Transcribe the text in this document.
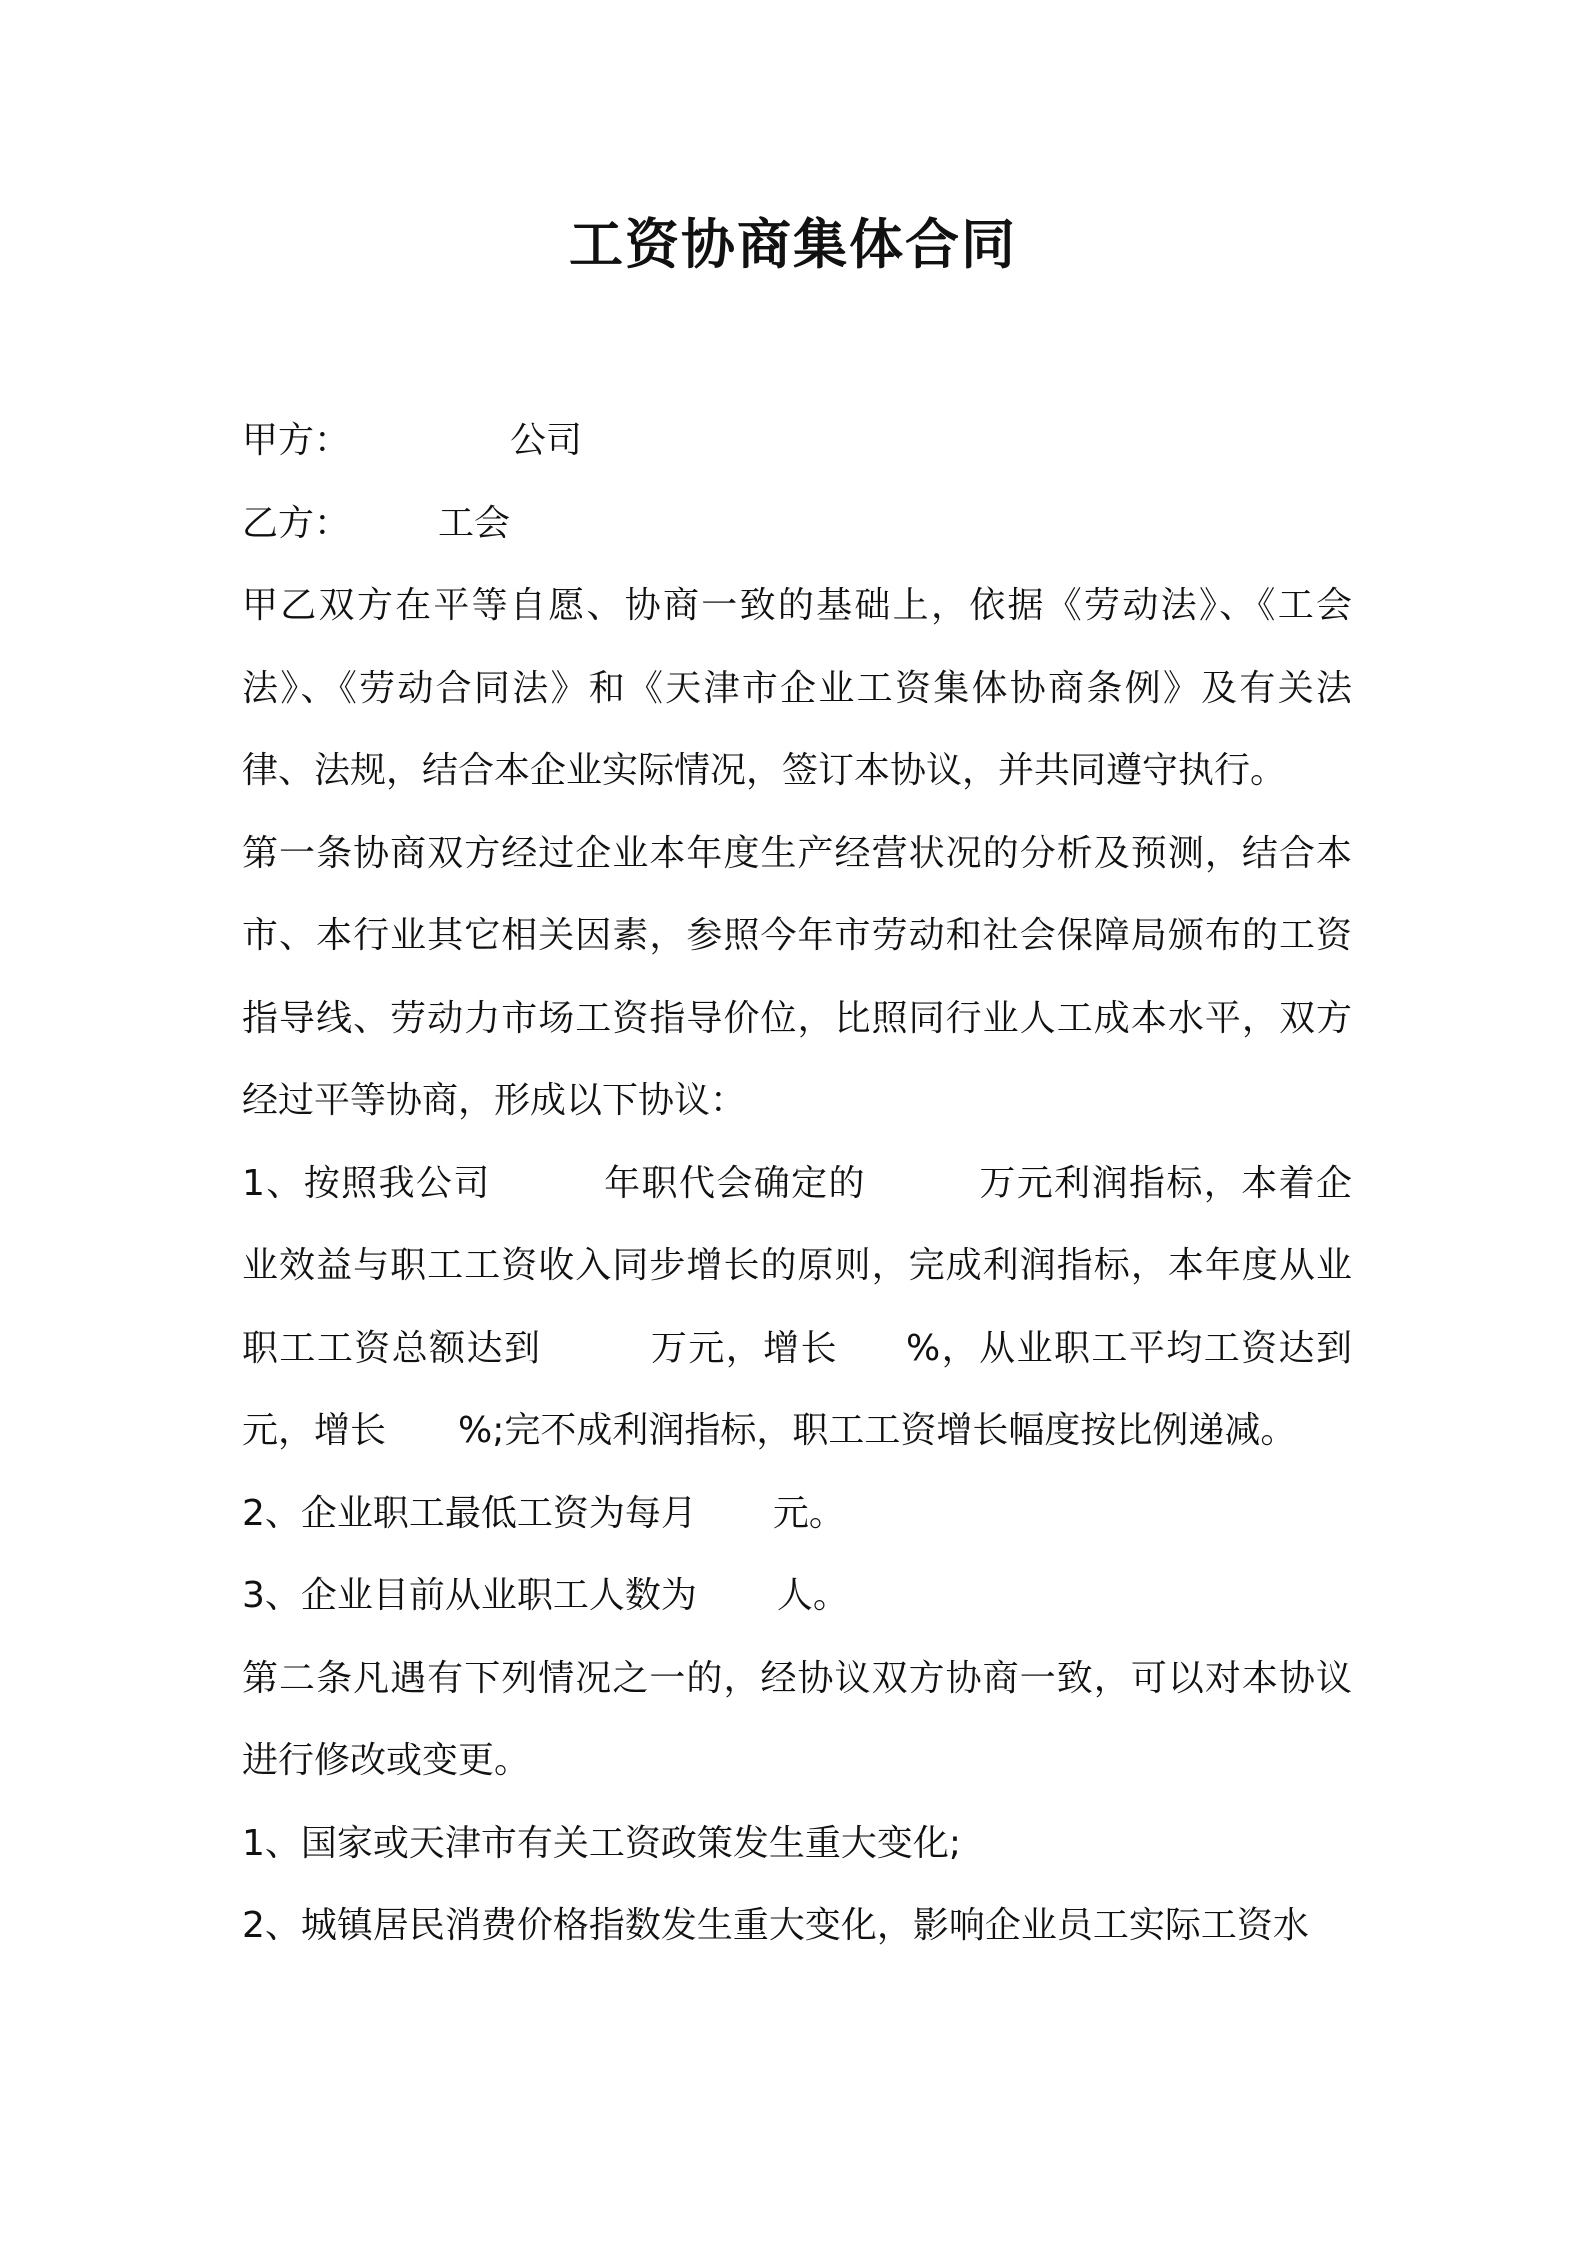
工资协商集体合同

甲方：	公司

乙方： 工会

甲乙双方在平等自愿、协商一致的基础上，依据《劳动法》、《工会法》、《劳动合同法》和《天津市企业工资集体协商条例》及有关法律、法规，结合本企业实际情况，签订本协议，并共同遵守执行。

第一条协商双方经过企业本年度生产经营状况的分析及预测，结合本市、本行业其它相关因素，参照今年市劳动和社会保障局颁布的工资指导线、劳动力市场工资指导价位，比照同行业人工成本水平，双方经过平等协商，形成以下协议：

1、按照我公司	年职代会确定的	万元利润指标，本着企业效益与职工工资收入同步增长的原则，完成利润指标，本年度从业职工工资总额达到	万元，增长 %，从业职工平均工资达到元，增长 %;完不成利润指标，职工工资增长幅度按比例递减。

2、企业职工最低工资为每月 元。

3、企业目前从业职工人数为 人。

第二条凡遇有下列情况之一的，经协议双方协商一致，可以对本协议进行修改或变更。

1、国家或天津市有关工资政策发生重大变化;

2、城镇居民消费价格指数发生重大变化，影响企业员工实际工资水
